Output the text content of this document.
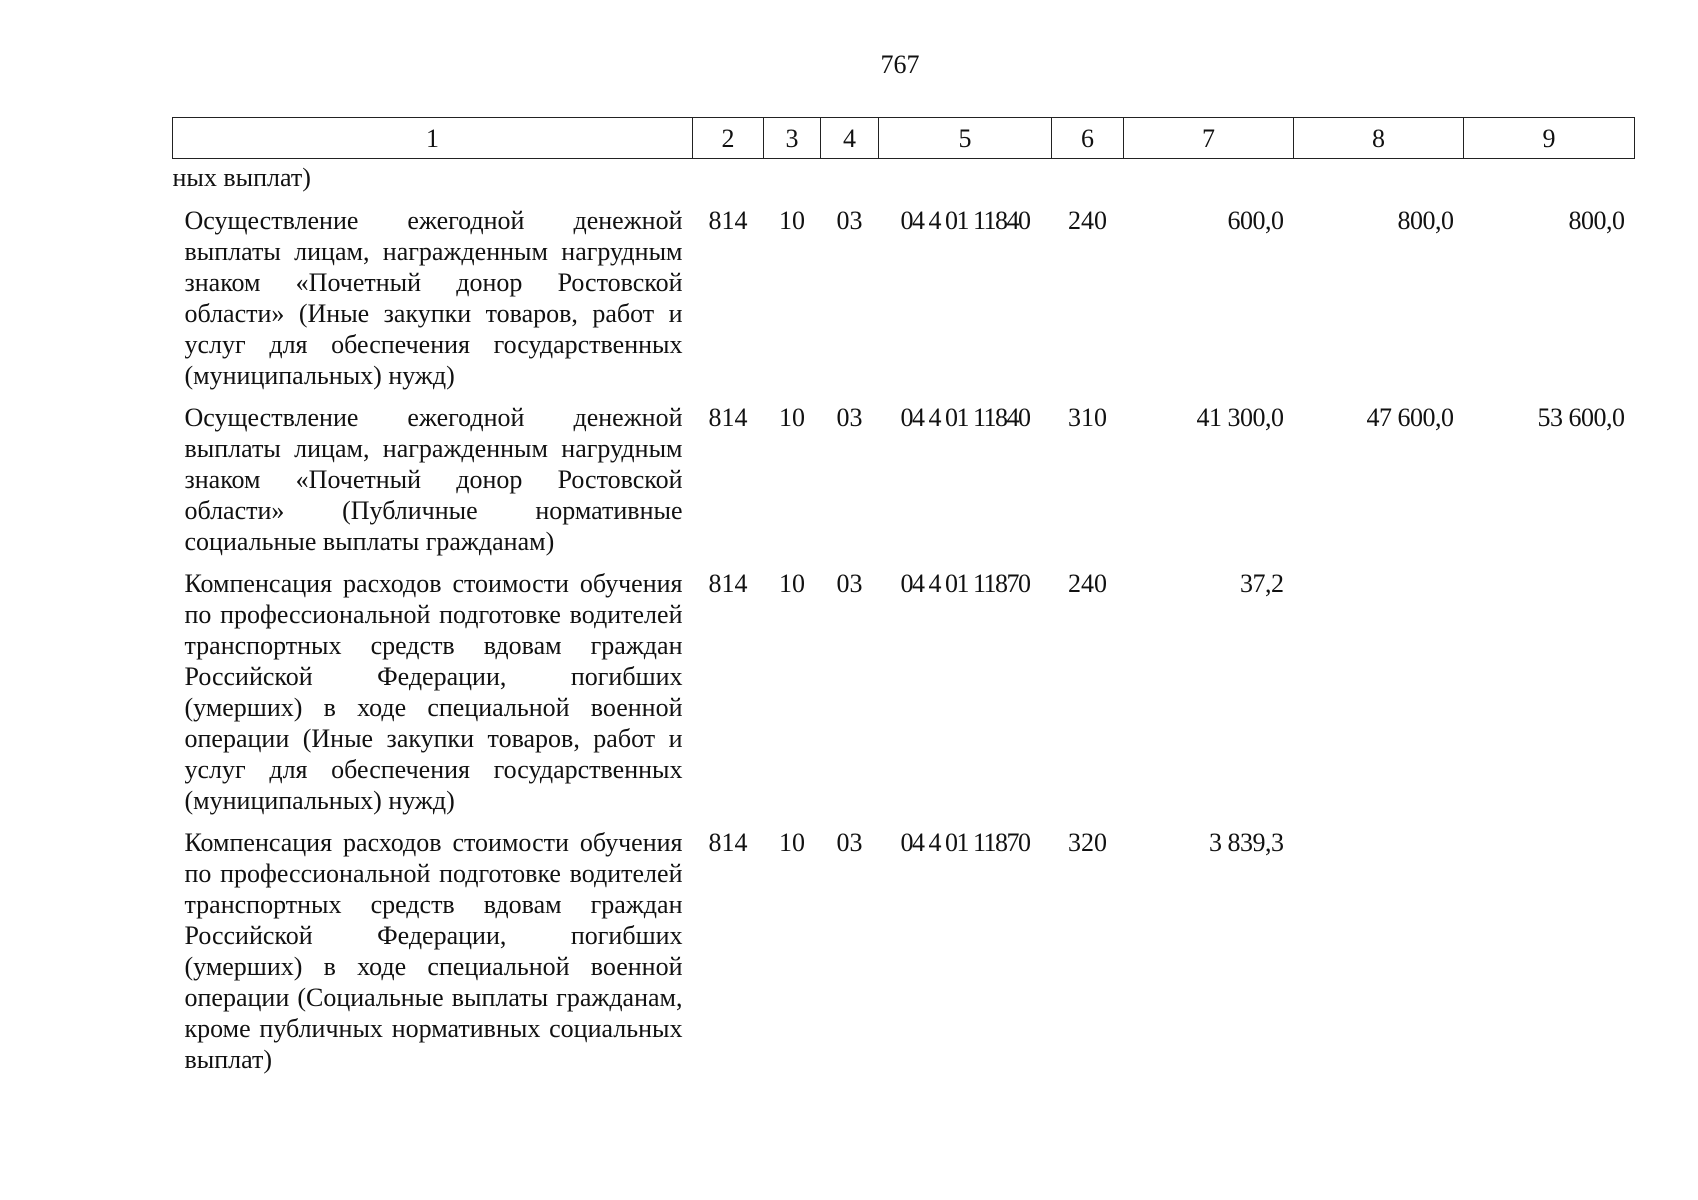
767
1	2	3	4	5	6	7	8	9
ных выплат)								
Осуществление ежегодной денежной выплаты лицам, награжденным нагрудным знаком «Почетный донор Ростовской области» (Иные закупки товаров, работ и услуг для обеспечения государственных (муниципальных) нужд)	814	10	03	04 4 01 11840	240	600,0	800,0	800,0
Осуществление ежегодной денежной выплаты лицам, награжденным нагрудным знаком «Почетный донор Ростовской области» (Публичные нормативные социальные выплаты гражданам)	814	10	03	04 4 01 11840	310	41 300,0	47 600,0	53 600,0
Компенсация расходов стоимости обучения по профессиональной подготовке водителей транспортных средств вдовам граждан Российской Федерации, погибших (умерших) в ходе специальной военной операции (Иные закупки товаров, работ и услуг для обеспечения государственных (муниципальных) нужд)	814	10	03	04 4 01 11870	240	37,2		
Компенсация расходов стоимости обучения по профессиональной подготовке водителей транспортных средств вдовам граждан Российской Федерации, погибших (умерших) в ходе специальной военной операции (Социальные выплаты гражданам, кроме публичных нормативных социальных выплат)	814	10	03	04 4 01 11870	320	3 839,3		
